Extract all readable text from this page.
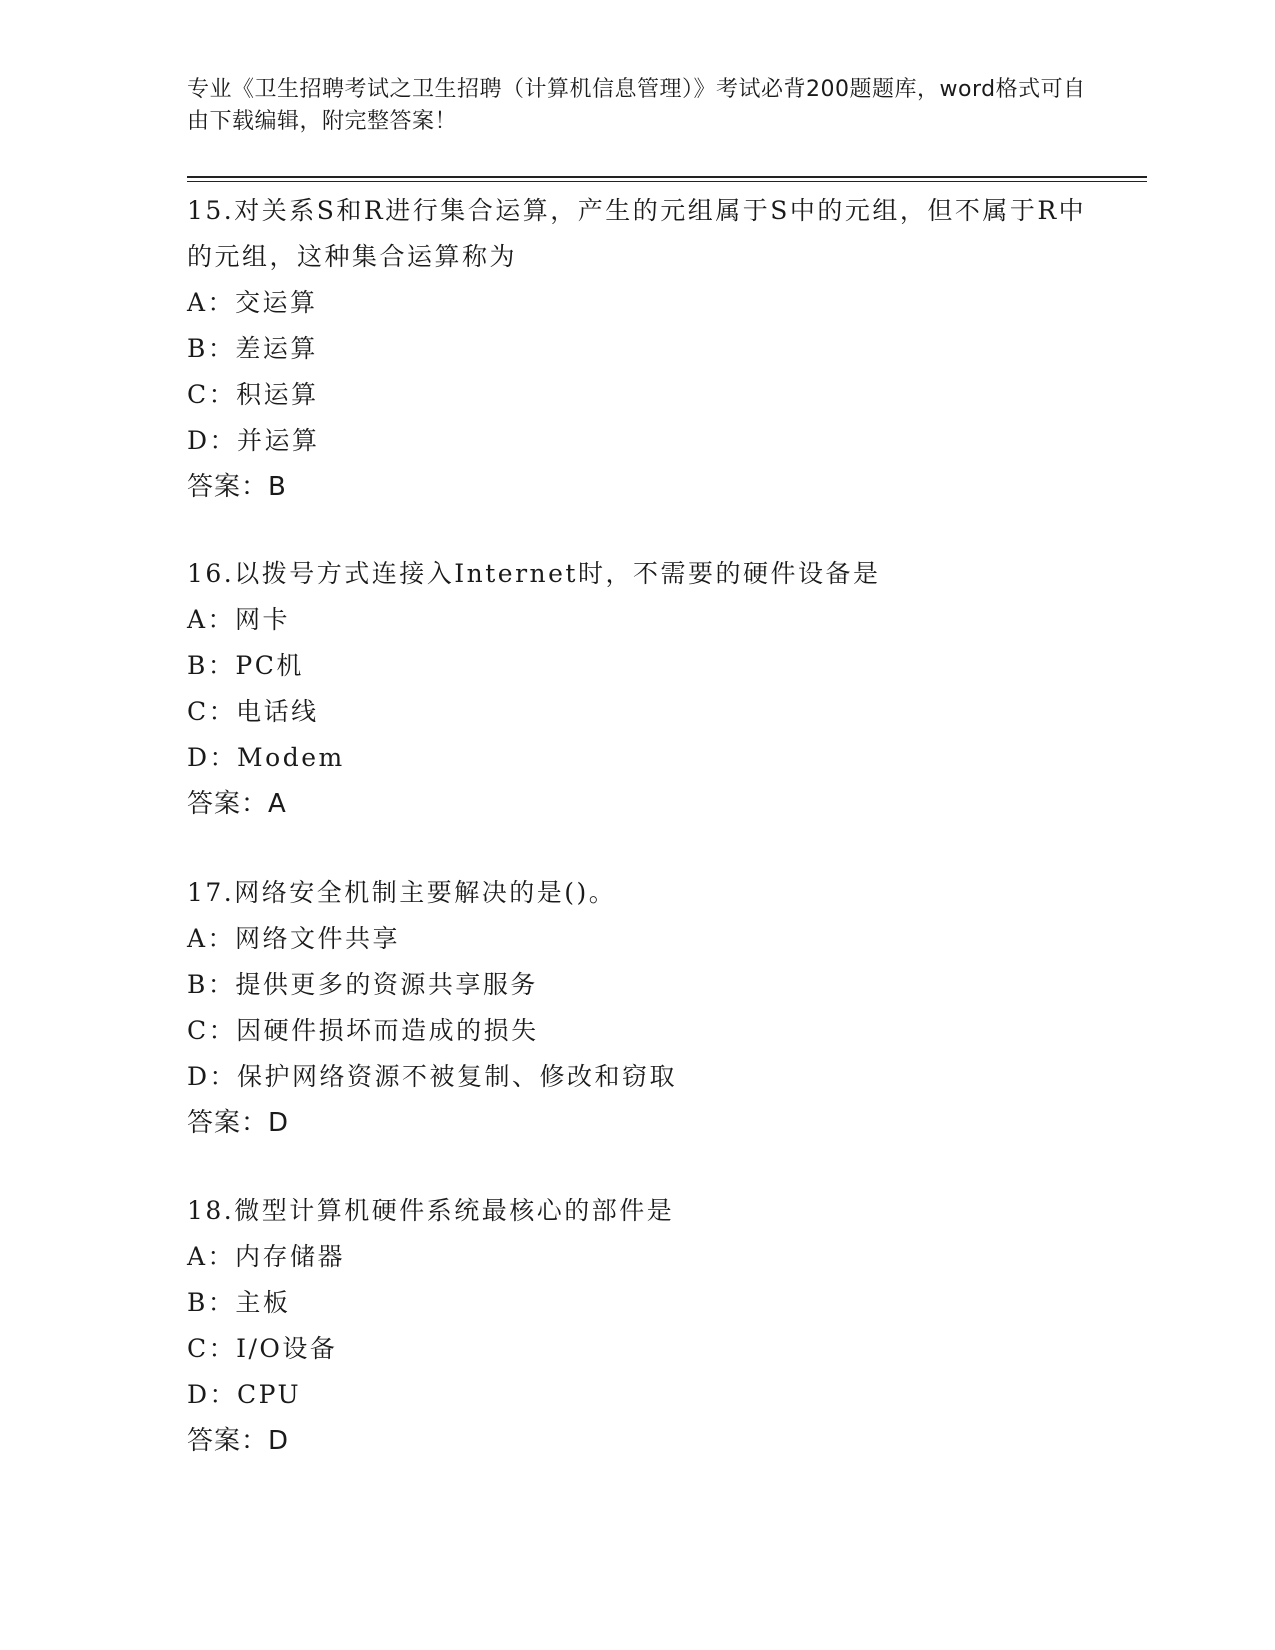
专业《卫生招聘考试之卫生招聘（计算机信息管理）》考试必背200题题库，word格式可自由下载编辑，附完整答案！
15.对关系S和R进行集合运算，产生的元组属于S中的元组，但不属于R中的元组，这种集合运算称为
A：交运算
B：差运算
C：积运算
D：并运算
答案：B
16.以拨号方式连接入Internet时，不需要的硬件设备是
A：网卡
B：PC机
C：电话线
D：Modem
答案：A
17.网络安全机制主要解决的是()。
A：网络文件共享
B：提供更多的资源共享服务
C：因硬件损坏而造成的损失
D：保护网络资源不被复制、修改和窃取
答案：D
18.微型计算机硬件系统最核心的部件是
A：内存储器
B：主板
C：I/O设备
D：CPU
答案：D
